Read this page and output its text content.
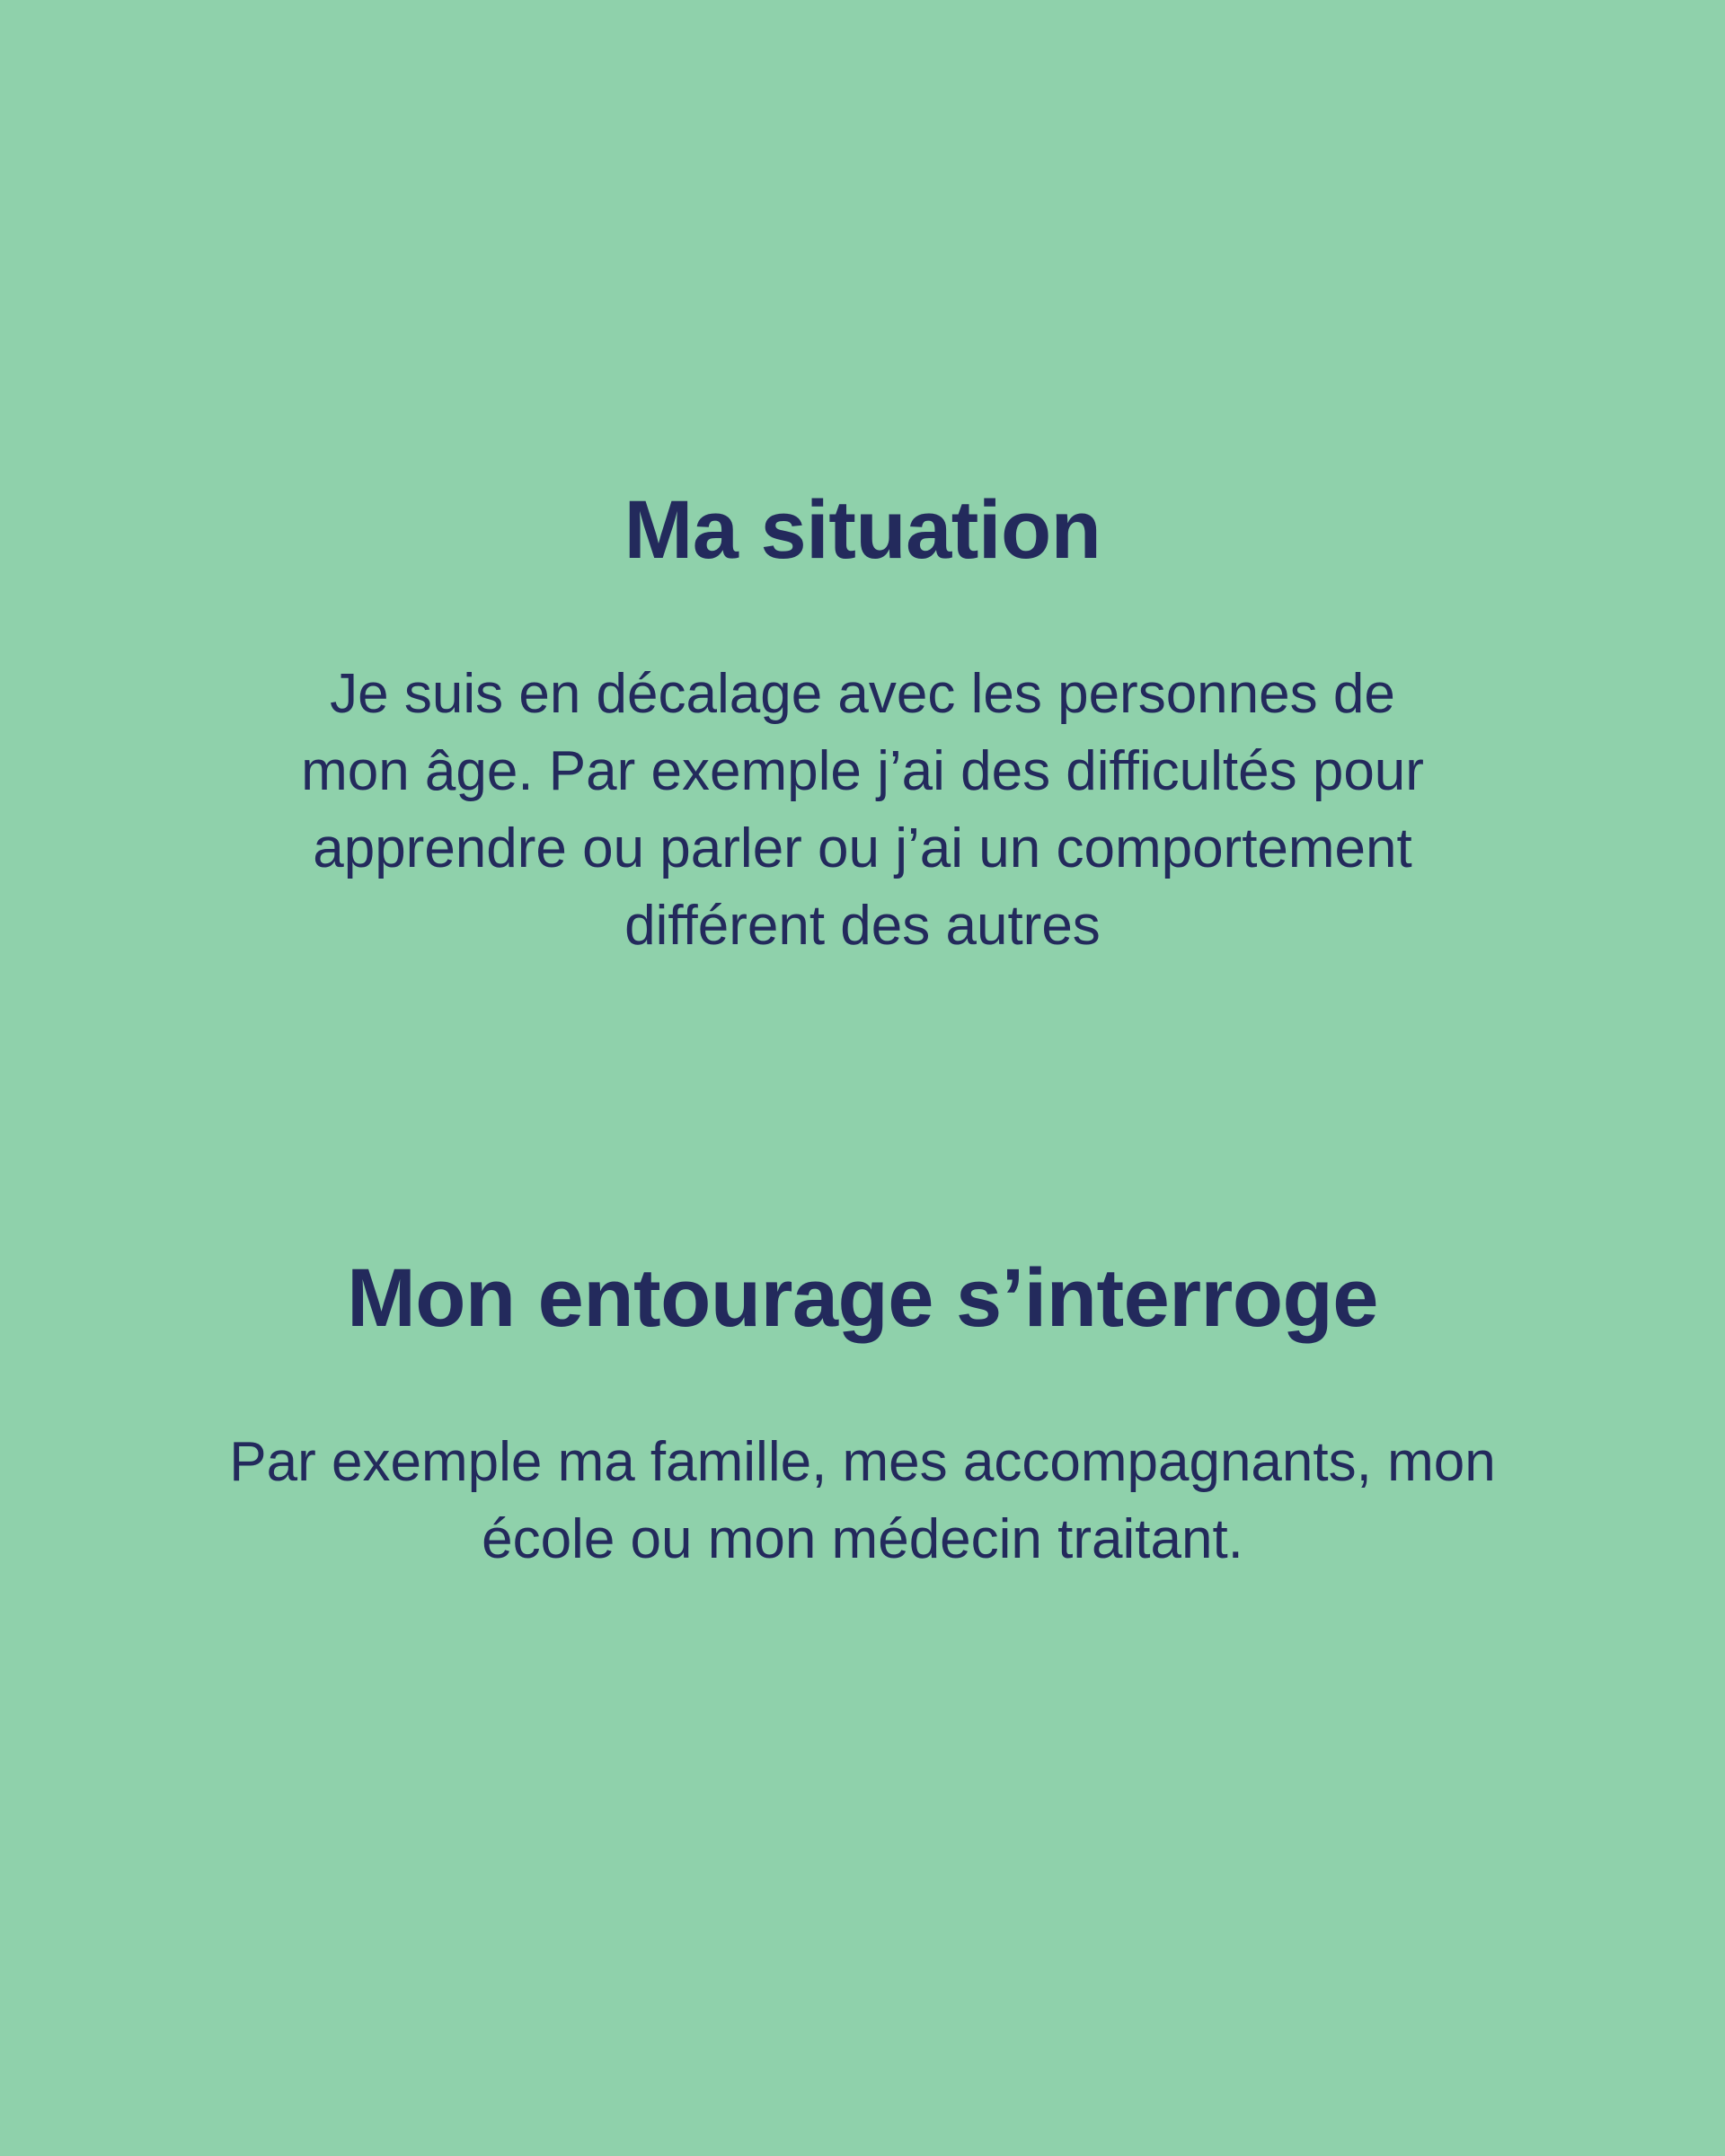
Ma situation

Je suis en décalage avec les personnes de
mon âge. Par exemple j’ai des difficultés pour
apprendre ou parler ou j’ai un comportement
différent des autres

Mon entourage s’interroge

Par exemple ma famille, mes accompagnants, mon
école ou mon médecin traitant.
